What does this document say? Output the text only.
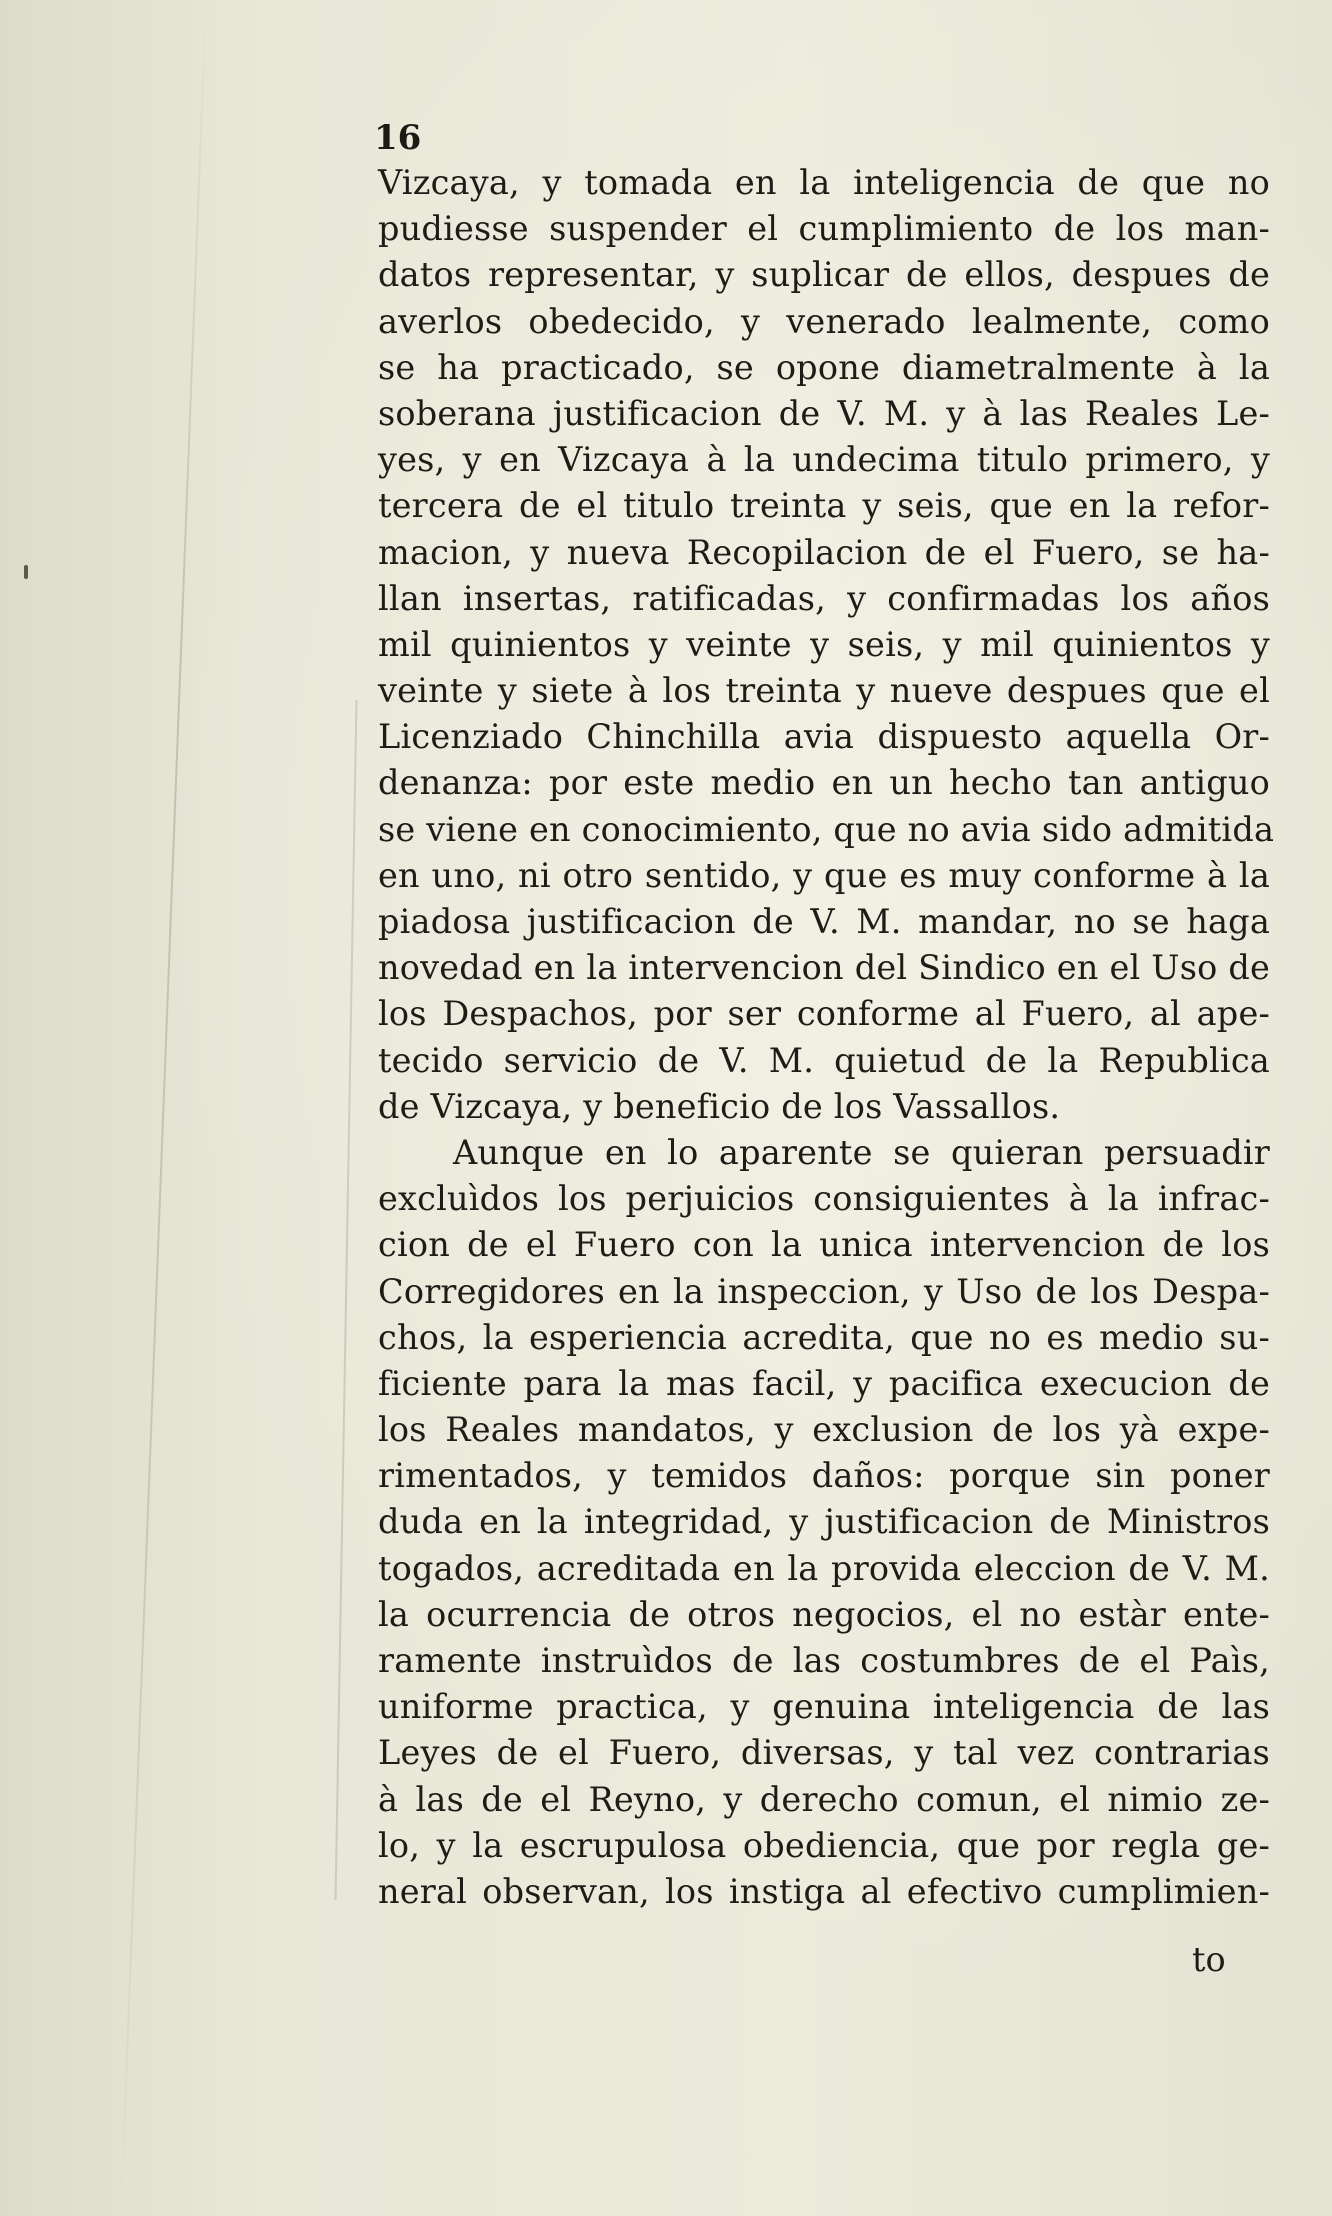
16

Vizcaya, y tomada en la inteligencia de que no
pudiesse suspender el cumplimiento de los man-
datos representar, y suplicar de ellos, despues de
averlos obedecido, y venerado lealmente, como
se ha practicado, se opone diametralmente à la
soberana justificacion de V. M. y à las Reales Le-
yes, y en Vizcaya à la undecima titulo primero, y
tercera de el titulo treinta y seis, que en la refor-
macion, y nueva Recopilacion de el Fuero, se ha-
llan insertas, ratificadas, y confirmadas los años
mil quinientos y veinte y seis, y mil quinientos y
veinte y siete à los treinta y nueve despues que el
Licenziado Chinchilla avia dispuesto aquella Or-
denanza: por este medio en un hecho tan antiguo
se viene en conocimiento, que no avia sido admitida
en uno, ni otro sentido, y que es muy conforme à la
piadosa justificacion de V. M. mandar, no se haga
novedad en la intervencion del Sindico en el Uso de
los Despachos, por ser conforme al Fuero, al ape-
tecido servicio de V. M. quietud de la Republica
de Vizcaya, y beneficio de los Vassallos.
Aunque en lo aparente se quieran persuadir
excluìdos los perjuicios consiguientes à la infrac-
cion de el Fuero con la unica intervencion de los
Corregidores en la inspeccion, y Uso de los Despa-
chos, la esperiencia acredita, que no es medio su-
ficiente para la mas facil, y pacifica execucion de
los Reales mandatos, y exclusion de los yà expe-
rimentados, y temidos daños: porque sin poner
duda en la integridad, y justificacion de Ministros
togados, acreditada en la provida eleccion de V. M.
la ocurrencia de otros negocios, el no estàr ente-
ramente instruìdos de las costumbres de el Paìs,
uniforme practica, y genuina inteligencia de las
Leyes de el Fuero, diversas, y tal vez contrarias
à las de el Reyno, y derecho comun, el nimio ze-
lo, y la escrupulosa obediencia, que por regla ge-
neral observan, los instiga al efectivo cumplimien-

to
